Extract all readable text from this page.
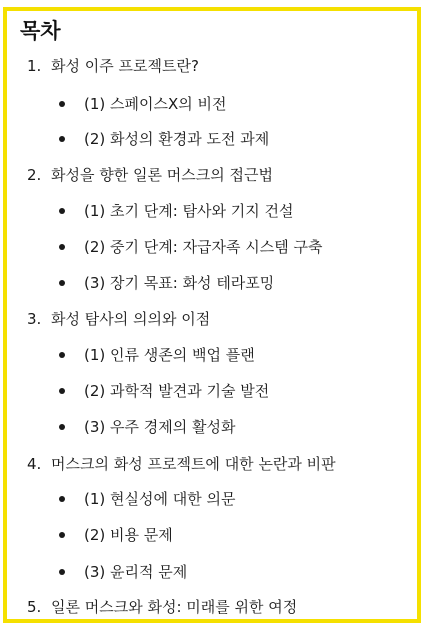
목차
1. 화성 이주 프로젝트란?
(1) 스페이스X의 비전
(2) 화성의 환경과 도전 과제
2. 화성을 향한 일론 머스크의 접근법
(1) 초기 단계: 탐사와 기지 건설
(2) 중기 단계: 자급자족 시스템 구축
(3) 장기 목표: 화성 테라포밍
3. 화성 탐사의 의의와 이점
(1) 인류 생존의 백업 플랜
(2) 과학적 발견과 기술 발전
(3) 우주 경제의 활성화
4. 머스크의 화성 프로젝트에 대한 논란과 비판
(1) 현실성에 대한 의문
(2) 비용 문제
(3) 윤리적 문제
5. 일론 머스크와 화성: 미래를 위한 여정
